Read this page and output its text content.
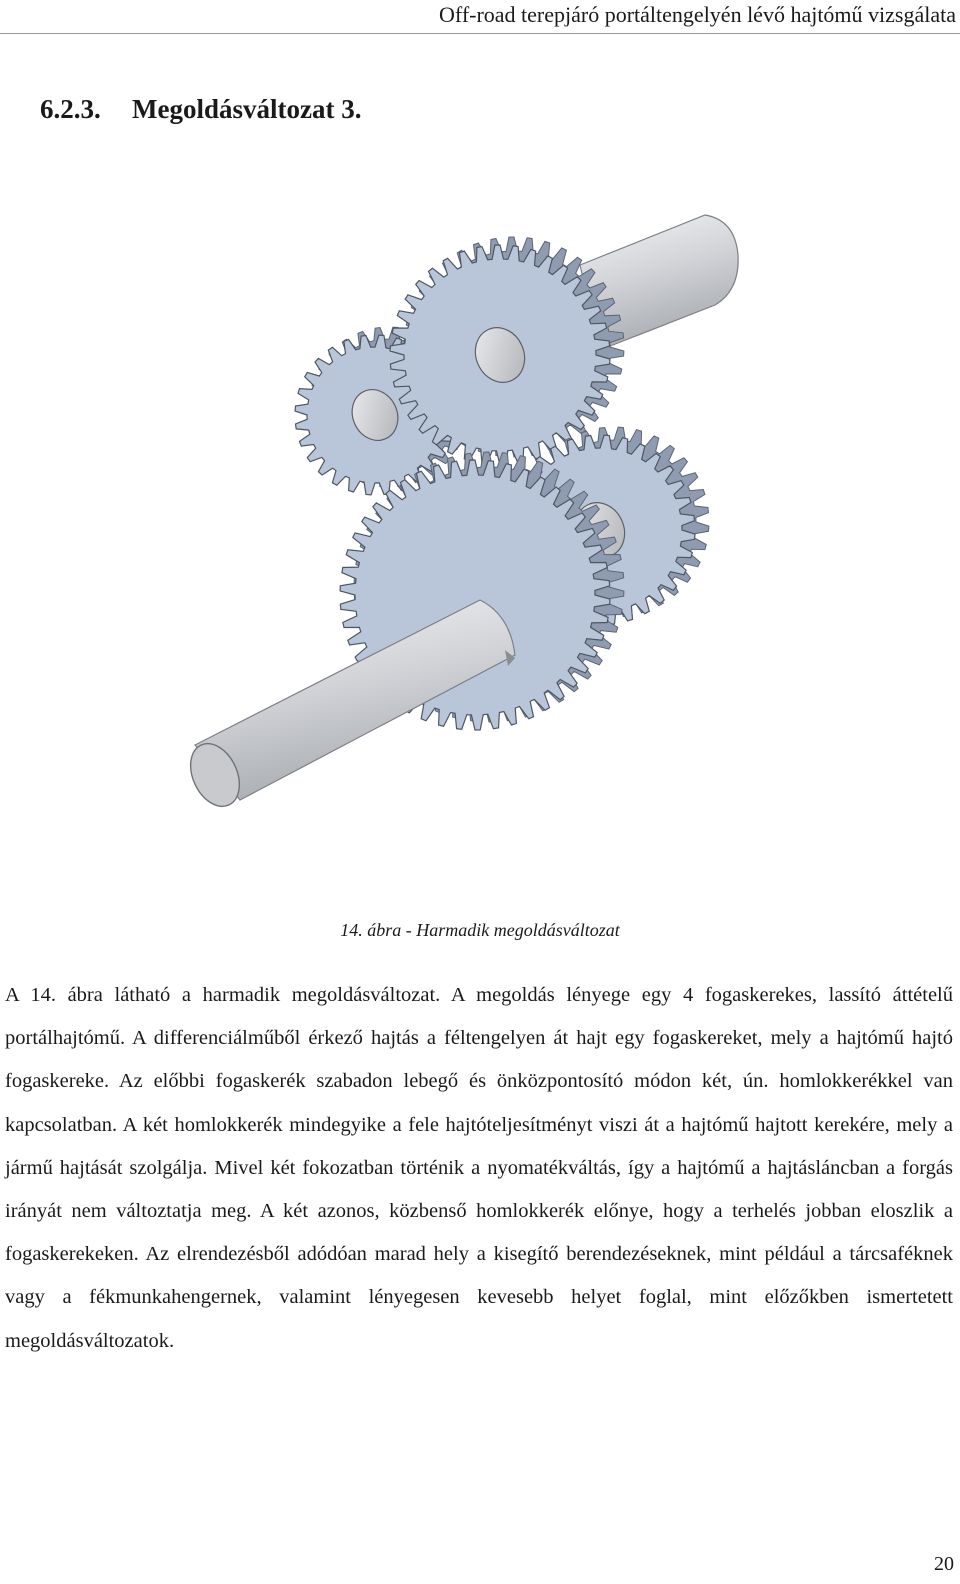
Off-road terepjáró portáltengelyén lévő hajtómű vizsgálata
6.2.3. Megoldásváltozat 3.
14. ábra - Harmadik megoldásváltozat

A 14. ábra látható a harmadik megoldásváltozat. A megoldás lényege egy 4 fogaskerekes, lassító áttételű portálhajtómű. A differenciálműből érkező hajtás a féltengelyen át hajt egy fogaskereket, mely a hajtómű hajtó fogaskereke. Az előbbi fogaskerék szabadon lebegő és önközpontosító módon két, ún. homlokkerékkel van kapcsolatban. A két homlokkerék mindegyike a fele hajtóteljesítményt viszi át a hajtómű hajtott kerekére, mely a jármű hajtását szolgálja. Mivel két fokozatban történik a nyomatékváltás, így a hajtómű a hajtásláncban a forgás irányát nem változtatja meg. A két azonos, közbenső homlokkerék előnye, hogy a terhelés jobban eloszlik a fogaskerekeken. Az elrendezésből adódóan marad hely a kisegítő berendezéseknek, mint például a tárcsaféknek vagy a fékmunkahengernek, valamint lényegesen kevesebb helyet foglal, mint előzőkben ismertetett megoldásváltozatok.

20
